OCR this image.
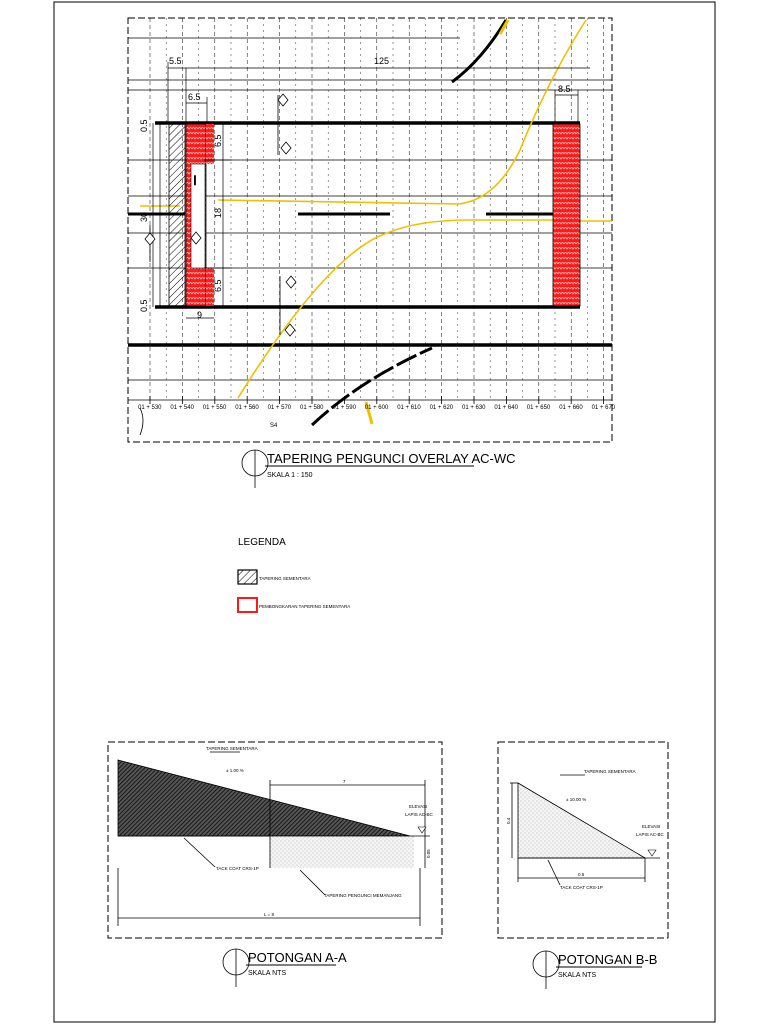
I
5.5	125
6.5
8.5
0.5
6.5
30	18
6.5
0.5
9
01 + 530 01 + 540 01 + 550 01 + 560 01 + 570 01 + 580 01 + 590 01 + 600 01 + 610 01 + 620 01 + 630 01 + 640 01 + 650 01 + 660 01 + 670
S4
TAPERING PENGUNCI OVERLAY AC-WC
SKALA 1 : 150
LEGENDA
TAPERING SEMENTARA
PEMBONGKARAN TAPERING SEMENTARA
TAPERING SEMENTARA
± 1.00 %
ELEVASI
LAPIS AC-BC
TACK COAT CRS-1P
TAPERING PENGUNCI MEMANJANG
L = 8
7
0.05
POTONGAN A-A
SKALA NTS
TAPERING SEMENTARA
± 10.00 %
ELEVASI
LAPIS AC-BC
TACK COAT CRS-1P
0.4
0.5
POTONGAN B-B
SKALA NTS
